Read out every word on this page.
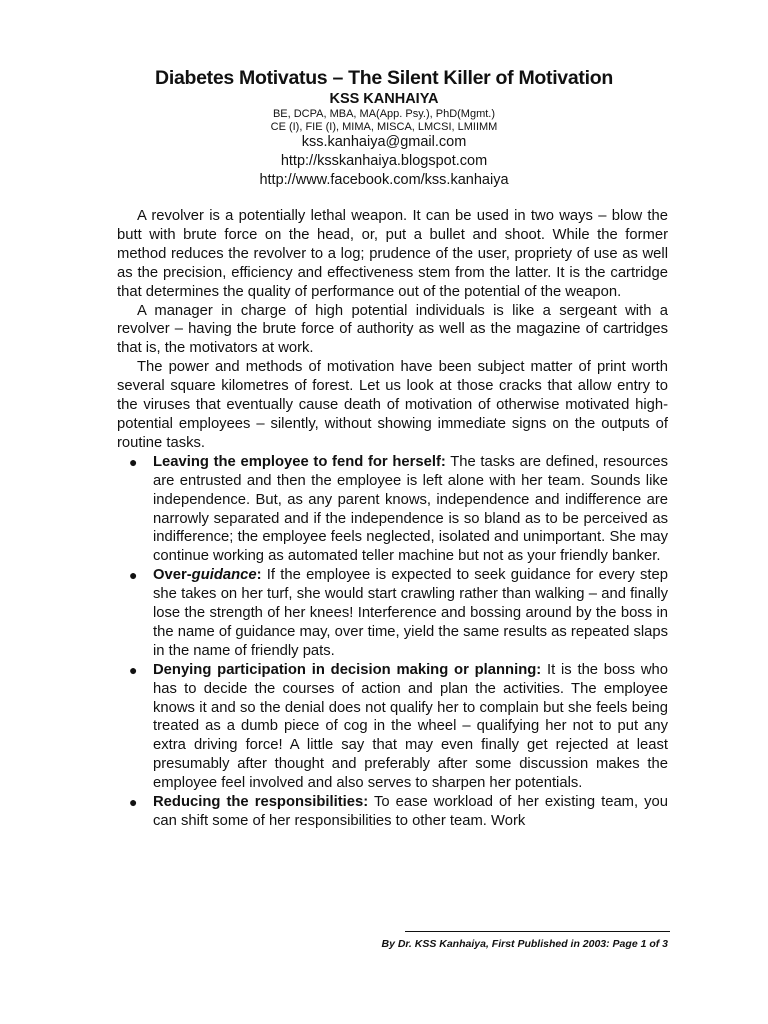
Diabetes Motivatus – The Silent Killer of Motivation
KSS KANHAIYA
BE, DCPA, MBA, MA(App. Psy.), PhD(Mgmt.)
CE (I), FIE (I), MIMA, MISCA, LMCSI, LMIIMM
kss.kanhaiya@gmail.com
http://ksskanhaiya.blogspot.com
http://www.facebook.com/kss.kanhaiya

A revolver is a potentially lethal weapon. It can be used in two ways – blow the butt with brute force on the head, or, put a bullet and shoot. While the former method reduces the revolver to a log; prudence of the user, propriety of use as well as the precision, efficiency and effectiveness stem from the latter. It is the cartridge that determines the quality of performance out of the potential of the weapon.

A manager in charge of high potential individuals is like a sergeant with a revolver – having the brute force of authority as well as the magazine of cartridges that is, the motivators at work.

The power and methods of motivation have been subject matter of print worth several square kilometres of forest. Let us look at those cracks that allow entry to the viruses that eventually cause death of motivation of otherwise motivated high-potential employees – silently, without showing immediate signs on the outputs of routine tasks.

● Leaving the employee to fend for herself: The tasks are defined, resources are entrusted and then the employee is left alone with her team. Sounds like independence. But, as any parent knows, independence and indifference are narrowly separated and if the independence is so bland as to be perceived as indifference; the employee feels neglected, isolated and unimportant. She may continue working as automated teller machine but not as your friendly banker.
● Over-guidance: If the employee is expected to seek guidance for every step she takes on her turf, she would start crawling rather than walking – and finally lose the strength of her knees! Interference and bossing around by the boss in the name of guidance may, over time, yield the same results as repeated slaps in the name of friendly pats.
● Denying participation in decision making or planning: It is the boss who has to decide the courses of action and plan the activities. The employee knows it and so the denial does not qualify her to complain but she feels being treated as a dumb piece of cog in the wheel – qualifying her not to put any extra driving force! A little say that may even finally get rejected at least presumably after thought and preferably after some discussion makes the employee feel involved and also serves to sharpen her potentials.
● Reducing the responsibilities: To ease workload of her existing team, you can shift some of her responsibilities to other team. Work
By Dr. KSS Kanhaiya, First Published in 2003: Page 1 of 3
